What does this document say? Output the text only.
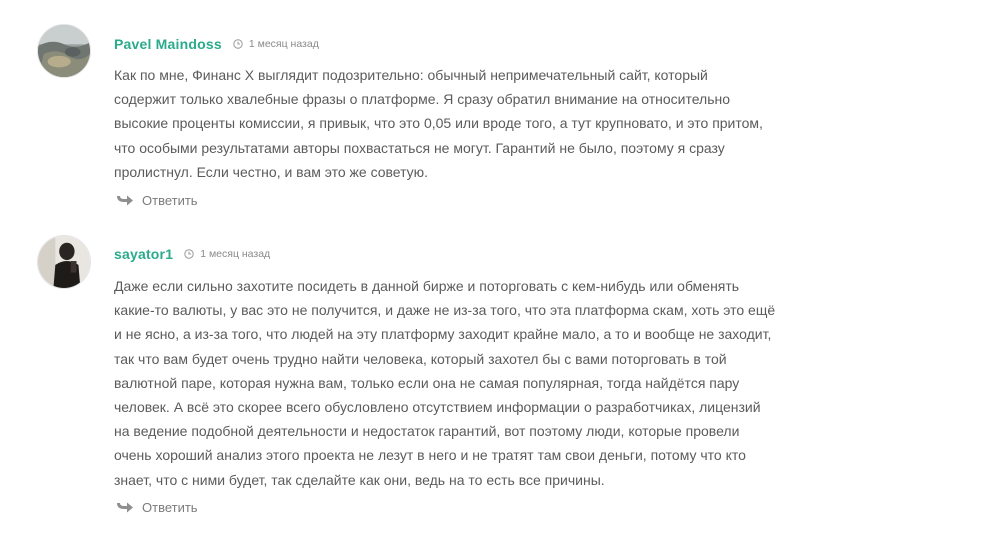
Pavel Maindoss	1 месяц назад

Как по мне, Финанс Х выглядит подозрительно: обычный непримечательный сайт, который

содержит только хвалебные фразы о платформе. Я сразу обратил внимание на относительно

высокие проценты комиссии, я привык, что это 0,05 или вроде того, а тут крупновато, и это притом,

что особыми результатами авторы похвастаться не могут. Гарантий не было, поэтому я сразу

пролистнул. Если честно, и вам это же советую.

Ответить
sayator1	1 месяц назад

Даже если сильно захотите посидеть в данной бирже и поторговать с кем-нибудь или обменять

какие-то валюты, у вас это не получится, и даже не из-за того, что эта платформа скам, хоть это ещё

и не ясно, а из-за того, что людей на эту платформу заходит крайне мало, а то и вообще не заходит,

так что вам будет очень трудно найти человека, который захотел бы с вами поторговать в той

валютной паре, которая нужна вам, только если она не самая популярная, тогда найдётся пару

человек. А всё это скорее всего обусловлено отсутствием информации о разработчиках, лицензий

на ведение подобной деятельности и недостаток гарантий, вот поэтому люди, которые провели

очень хороший анализ этого проекта не лезут в него и не тратят там свои деньги, потому что кто

знает, что с ними будет, так сделайте как они, ведь на то есть все причины.

Ответить
